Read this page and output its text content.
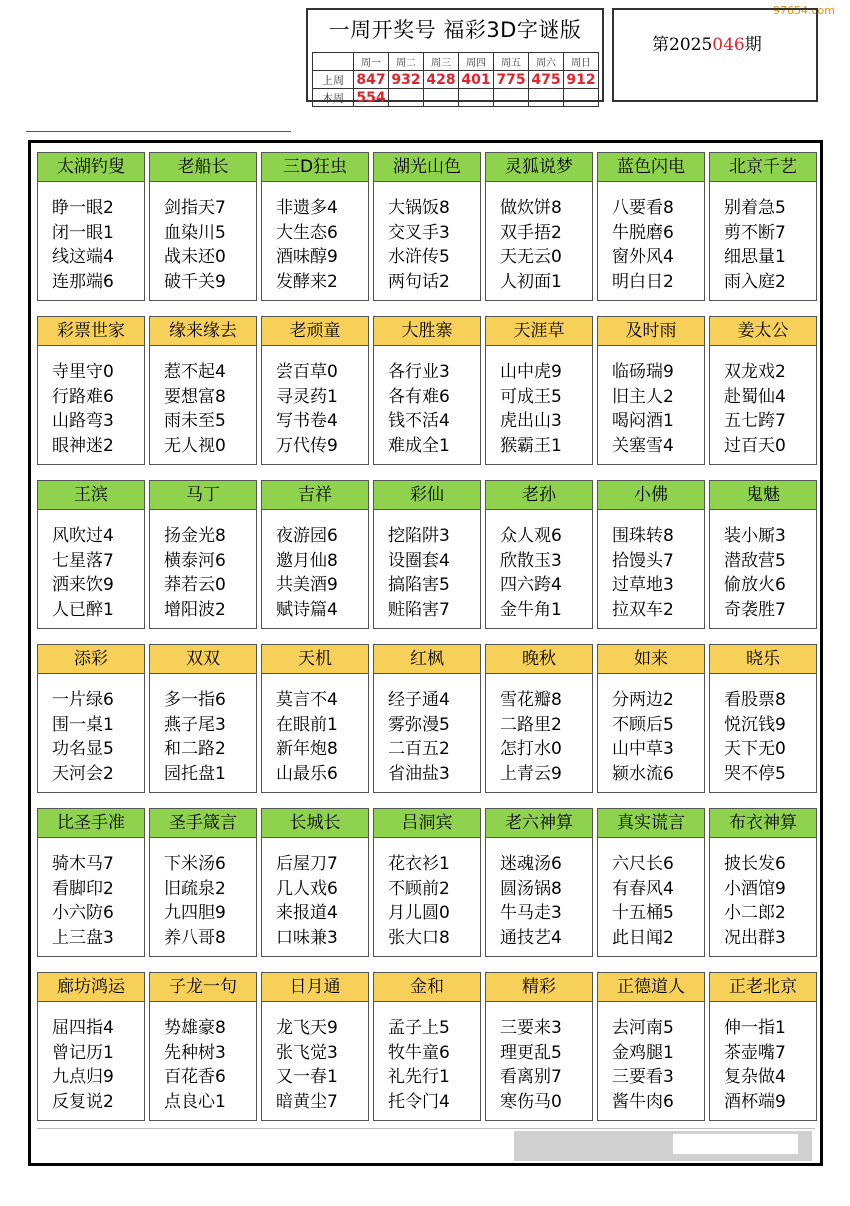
97654.com
一周开奖号 福彩3D字谜版
	周一	周二	周三	周四	周五	周六	周日
上周	847	932	428	401	775	475	912
本周	554						
第2025046期
太湖钓叟
睁一眼2
闭一眼1
线这端4
连那端6
老船长
剑指天7
血染川5
战未还0
破千关9
三D狂虫
非遗多4
大生态6
酒味醇9
发酵来2
湖光山色
大锅饭8
交叉手3
水浒传5
两句话2
灵狐说梦
做炊饼8
双手捂2
天无云0
人初面1
蓝色闪电
八要看8
牛脱磨6
窗外风4
明白日2
北京千艺
别着急5
剪不断7
细思量1
雨入庭2
彩票世家
寺里守0
行路难6
山路弯3
眼神迷2
缘来缘去
惹不起4
要想富8
雨未至5
无人视0
老顽童
尝百草0
寻灵药1
写书卷4
万代传9
大胜寨
各行业3
各有难6
钱不活4
难成全1
天涯草
山中虎9
可成王5
虎出山3
猴霸王1
及时雨
临砀瑞9
旧主人2
喝闷酒1
关塞雪4
姜太公
双龙戏2
赴蜀仙4
五七跨7
过百天0
王滨
风吹过4
七星落7
洒来饮9
人已醉1
马丁
扬金光8
横泰河6
莽若云0
增阳波2
吉祥
夜游园6
邀月仙8
共美酒9
赋诗篇4
彩仙
挖陷阱3
设圈套4
搞陷害5
赃陷害7
老孙
众人观6
欣散玉3
四六跨4
金牛角1
小佛
围珠转8
拾馒头7
过草地3
拉双车2
鬼魅
装小厮3
潜敌营5
偷放火6
奇袭胜7
添彩
一片绿6
围一桌1
功名显5
天河会2
双双
多一指6
燕子尾3
和二路2
园托盘1
天机
莫言不4
在眼前1
新年炮8
山最乐6
红枫
经子通4
雾弥漫5
二百五2
省油盐3
晚秋
雪花瓣8
二路里2
怎打水0
上青云9
如来
分两边2
不顾后5
山中草3
颍水流6
晓乐
看股票8
悦沉钱9
天下无0
哭不停5
比圣手准
骑木马7
看脚印2
小六防6
上三盘3
圣手箴言
下米汤6
旧疏泉2
九四胆9
养八哥8
长城长
后屋刀7
几人戏6
来报道4
口味兼3
吕洞宾
花衣衫1
不顾前2
月儿圆0
张大口8
老六神算
迷魂汤6
圆汤锅8
牛马走3
通技艺4
真实谎言
六尺长6
有春风4
十五桶5
此日闻2
布衣神算
披长发6
小酒馆9
小二郎2
况出群3
廊坊鸿运
屈四指4
曾记历1
九点归9
反复说2
子龙一句
势雄豪8
先种树3
百花香6
点良心1
日月通
龙飞天9
张飞觉3
又一春1
暗黄尘7
金和
孟子上5
牧牛童6
礼先行1
托令门4
精彩
三要来3
理更乱5
看离别7
寒伤马0
正德道人
去河南5
金鸡腿1
三要看3
酱牛肉6
正老北京
伸一指1
茶壶嘴7
复杂做4
酒杯端9
